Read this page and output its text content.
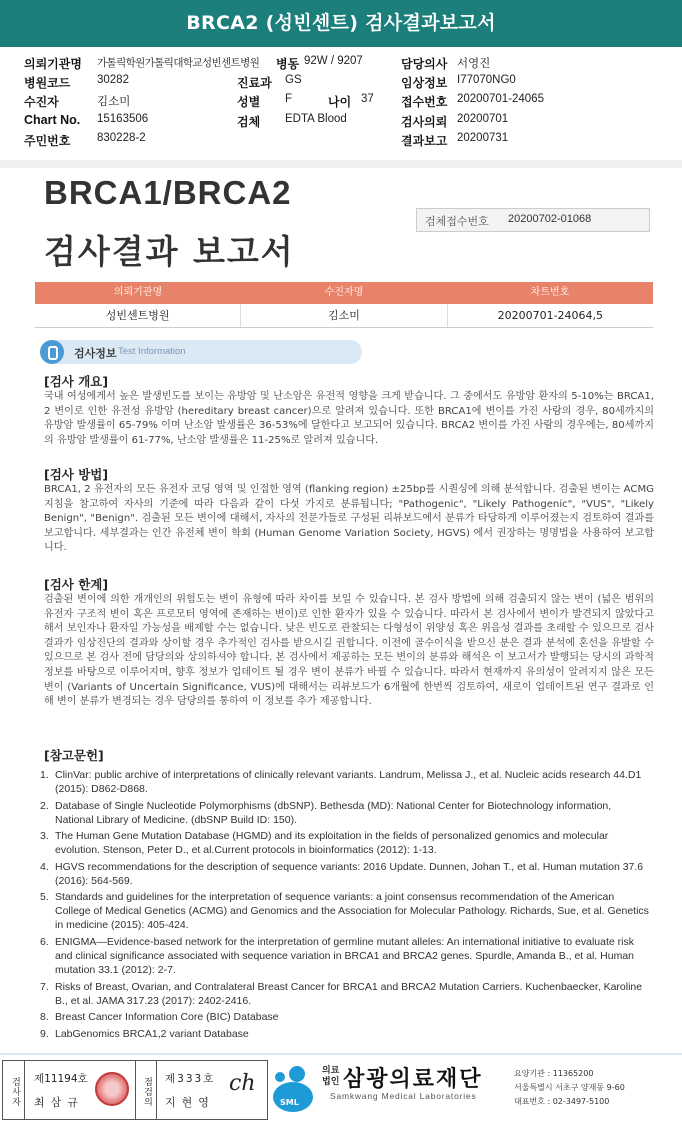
BRCA2 (성빈센트) 검사결과보고서
의뢰기관명 가톨릭학원가톨릭대학교성빈센트병원 병동 92W / 9207	담당의사 서영진
병원코드 30282	진료과 GS	임상정보 I77070NG0
수진자	김소미	성별 F	나이 37 접수번호 20200701-24065
Chart No. 15163506	검체 EDTA Blood	검사의뢰 20200701
주민번호 830228-2	결과보고 20200731
BRCA1/BRCA2
검사결과 보고서
검체접수번호 20200702-01068
의뢰기관명	수진자명	차트번호
성빈센트병원	김소미	20200701-24064,5
검사정보 Test Information
[검사 개요]
국내 여성에게서 높은 발생빈도를 보이는 유방암 및 난소암은 유전적 영향을 크게 받습니다. 그 중에서도 유방암 환자의 5-10%는 BRCA1, 2 변이로 인한 유전성 유방암 (hereditary breast cancer)으로 알려져 있습니다. 또한 BRCA1에 변이를 가진 사람의 경우, 80세까지의 유방암 발생률이 65-79% 이며 난소암 발생률은 36-53%에 달한다고 보고되어 있습니다. BRCA2 변이를 가진 사람의 경우에는, 80세까지의 유방암 발생률이 61-77%, 난소암 발생률은 11-25%로 알려져 있습니다.
[검사 방법]
BRCA1, 2 유전자의 모든 유전자 코딩 영역 및 인접한 영역 (flanking region) ±25bp를 시퀀싱에 의해 분석합니다. 검출된 변이는 ACMG 지침을 참고하여 자사의 기준에 따라 다음과 같이 다섯 가지로 분류됩니다; "Pathogenic", "Likely Pathogenic", "VUS", "Likely Benign", "Benign". 검출된 모든 변이에 대해서, 자사의 전문가들로 구성된 리뷰보드에서 분류가 타당하게 이루어졌는지 검토하여 결과를 보고합니다. 세부결과는 인간 유전체 변이 학회 (Human Genome Variation Society, HGVS) 에서 권장하는 명명법을 사용하여 보고합니다.
[검사 한계]
검출된 변이에 의한 개개인의 위험도는 변이 유형에 따라 차이를 보일 수 있습니다. 본 검사 방법에 의해 검출되지 않는 변이 (넓은 범위의 유전자 구조적 변이 혹은 프로모터 영역에 존재하는 변이)로 인한 환자가 있을 수 있습니다. 따라서 본 검사에서 변이가 발견되지 않았다고 해서 보인자나 환자일 가능성을 배제할 수는 없습니다. 낮은 빈도로 관찰되는 다형성이 위양성 혹은 위음성 결과를 초래할 수 있으므로 검사 결과가 임상진단의 결과와 상이할 경우 추가적인 검사를 받으시길 권합니다. 이전에 골수이식을 받으신 분은 결과 분석에 혼선을 유발할 수 있으므로 본 검사 전에 담당의와 상의하셔야 합니다. 본 검사에서 제공하는 모든 변이의 분류와 해석은 이 보고서가 발행되는 당시의 과학적 정보를 바탕으로 이루어지며, 향후 정보가 업데이트 될 경우 변이 분류가 바뀔 수 있습니다. 따라서 현재까지 유의성이 알려지지 않은 모든 변이 (Variants of Uncertain Significance, VUS)에 대해서는 리뷰보드가 6개월에 한번씩 검토하여, 새로이 업데이트된 연구 결과로 인해 변이 분류가 변경되는 경우 담당의를 통하여 이 정보를 추가 제공합니다.
[참고문헌]
1. ClinVar: public archive of interpretations of clinically relevant variants. Landrum, Melissa J., et al. Nucleic acids research 44.D1 (2015): D862-D868.
2. Database of Single Nucleotide Polymorphisms (dbSNP). Bethesda (MD): National Center for Biotechnology information, National Library of Medicine. (dbSNP Build ID: 150).
3. The Human Gene Mutation Database (HGMD) and its exploitation in the fields of personalized genomics and molecular evolution. Stenson, Peter D., et al.Current protocols in bioinformatics (2012): 1-13.
4. HGVS recommendations for the description of sequence variants: 2016 Update. Dunnen, Johan T., et al. Human mutation 37.6 (2016): 564-569.
5. Standards and guidelines for the interpretation of sequence variants: a joint consensus recommendation of the American College of Medical Genetics (ACMG) and Genomics and the Association for Molecular Pathology. Richards, Sue, et al. Genetics in medicine (2015): 405-424.
6. ENIGMA—Evidence-based network for the interpretation of germline mutant alleles: An international initiative to evaluate risk and clinical significance associated with sequence variation in BRCA1 and BRCA2 genes. Spurdle, Amanda B., et al. Human mutation 33.1 (2012): 2-7.
7. Risks of Breast, Ovarian, and Contralateral Breast Cancer for BRCA1 and BRCA2 Mutation Carriers. Kuchenbaecker, Karoline B., et al. JAMA 317.23 (2017): 2402-2416.
8. Breast Cancer Information Core (BIC) Database
9. LabGenomics BRCA1,2 variant Database
검사자	제11194호
최삼규	점검의	제333호
지현영
ch
SML
의료법인 삼광의료재단
Samkwang Medical Laboratories
요양기관 : 11365200
서울특별시 서초구 양재동 9-60
대표번호 : 02-3497-5100
